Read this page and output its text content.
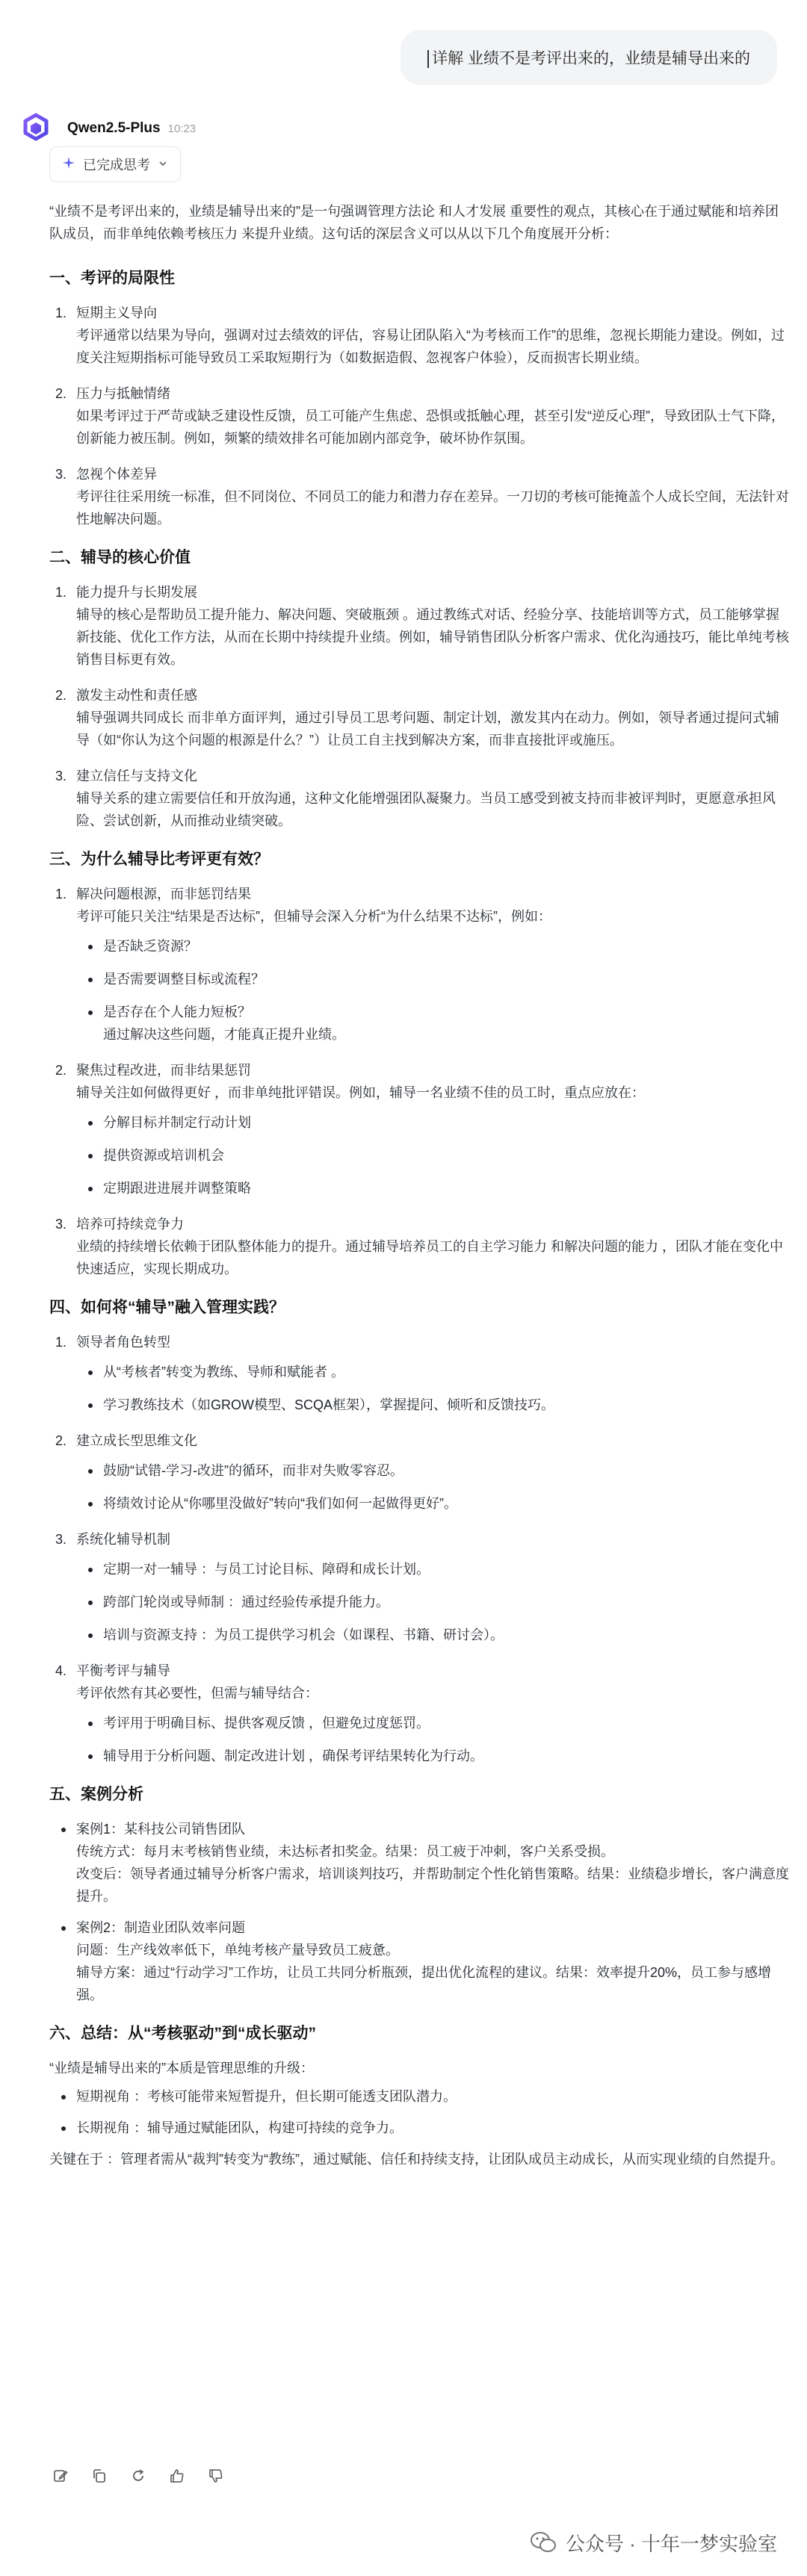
详解 业绩不是考评出来的，业绩是辅导出来的
Qwen2.5-Plus 10:23
已完成思考

“业绩不是考评出来的，业绩是辅导出来的”是一句强调管理方法论 和人才发展 重要性的观点，其核心在于通过赋能和培养团队成员，而非单纯依赖考核压力 来提升业绩。这句话的深层含义可以从以下几个角度展开分析：

一、考评的局限性
1. 短期主义导向
考评通常以结果为导向，强调对过去绩效的评估，容易让团队陷入“为考核而工作”的思维，忽视长期能力建设。例如，过度关注短期指标可能导致员工采取短期行为（如数据造假、忽视客户体验），反而损害长期业绩。
2. 压力与抵触情绪
如果考评过于严苛或缺乏建设性反馈，员工可能产生焦虑、恐惧或抵触心理，甚至引发“逆反心理”，导致团队士气下降，创新能力被压制。例如，频繁的绩效排名可能加剧内部竞争，破坏协作氛围。
3. 忽视个体差异
考评往往采用统一标准，但不同岗位、不同员工的能力和潜力存在差异。一刀切的考核可能掩盖个人成长空间，无法针对性地解决问题。
二、辅导的核心价值
1. 能力提升与长期发展
辅导的核心是帮助员工提升能力、解决问题、突破瓶颈 。通过教练式对话、经验分享、技能培训等方式，员工能够掌握新技能、优化工作方法，从而在长期中持续提升业绩。例如，辅导销售团队分析客户需求、优化沟通技巧，能比单纯考核销售目标更有效。
2. 激发主动性和责任感
辅导强调共同成长 而非单方面评判，通过引导员工思考问题、制定计划，激发其内在动力。例如，领导者通过提问式辅导（如“你认为这个问题的根源是什么？”）让员工自主找到解决方案，而非直接批评或施压。
3. 建立信任与支持文化
辅导关系的建立需要信任和开放沟通，这种文化能增强团队凝聚力。当员工感受到被支持而非被评判时，更愿意承担风险、尝试创新，从而推动业绩突破。
三、为什么辅导比考评更有效？
1. 解决问题根源，而非惩罚结果
考评可能只关注“结果是否达标”，但辅导会深入分析“为什么结果不达标”，例如：
是否缺乏资源？
是否需要调整目标或流程？
是否存在个人能力短板？
通过解决这些问题，才能真正提升业绩。
2. 聚焦过程改进，而非结果惩罚
辅导关注如何做得更好 ，而非单纯批评错误。例如，辅导一名业绩不佳的员工时，重点应放在：
分解目标并制定行动计划
提供资源或培训机会
定期跟进进展并调整策略
3. 培养可持续竞争力
业绩的持续增长依赖于团队整体能力的提升。通过辅导培养员工的自主学习能力 和解决问题的能力 ，团队才能在变化中快速适应，实现长期成功。
四、如何将“辅导”融入管理实践？
1. 领导者角色转型
从“考核者”转变为教练、导师和赋能者 。
学习教练技术（如GROW模型、SCQA框架），掌握提问、倾听和反馈技巧。
2. 建立成长型思维文化
鼓励“试错-学习-改进”的循环，而非对失败零容忍。
将绩效讨论从“你哪里没做好”转向“我们如何一起做得更好”。
3. 系统化辅导机制
定期一对一辅导 ：与员工讨论目标、障碍和成长计划。
跨部门轮岗或导师制 ：通过经验传承提升能力。
培训与资源支持 ：为员工提供学习机会（如课程、书籍、研讨会）。
4. 平衡考评与辅导
考评依然有其必要性，但需与辅导结合：
考评用于明确目标、提供客观反馈 ，但避免过度惩罚。
辅导用于分析问题、制定改进计划 ，确保考评结果转化为行动。
五、案例分析
案例1：某科技公司销售团队
传统方式：每月末考核销售业绩，未达标者扣奖金。结果：员工疲于冲刺，客户关系受损。
改变后：领导者通过辅导分析客户需求，培训谈判技巧，并帮助制定个性化销售策略。结果：业绩稳步增长，客户满意度提升。
案例2：制造业团队效率问题
问题：生产线效率低下，单纯考核产量导致员工疲惫。
辅导方案：通过“行动学习”工作坊，让员工共同分析瓶颈，提出优化流程的建议。结果：效率提升20%，员工参与感增强。
六、总结：从“考核驱动”到“成长驱动”

“业绩是辅导出来的”本质是管理思维的升级：

短期视角 ：考核可能带来短暂提升，但长期可能透支团队潜力。
长期视角 ：辅导通过赋能团队，构建可持续的竞争力。

关键在于 ：管理者需从“裁判”转变为“教练”，通过赋能、信任和持续支持，让团队成员主动成长，从而实现业绩的自然提升。

公众号 · 十年一梦实验室
